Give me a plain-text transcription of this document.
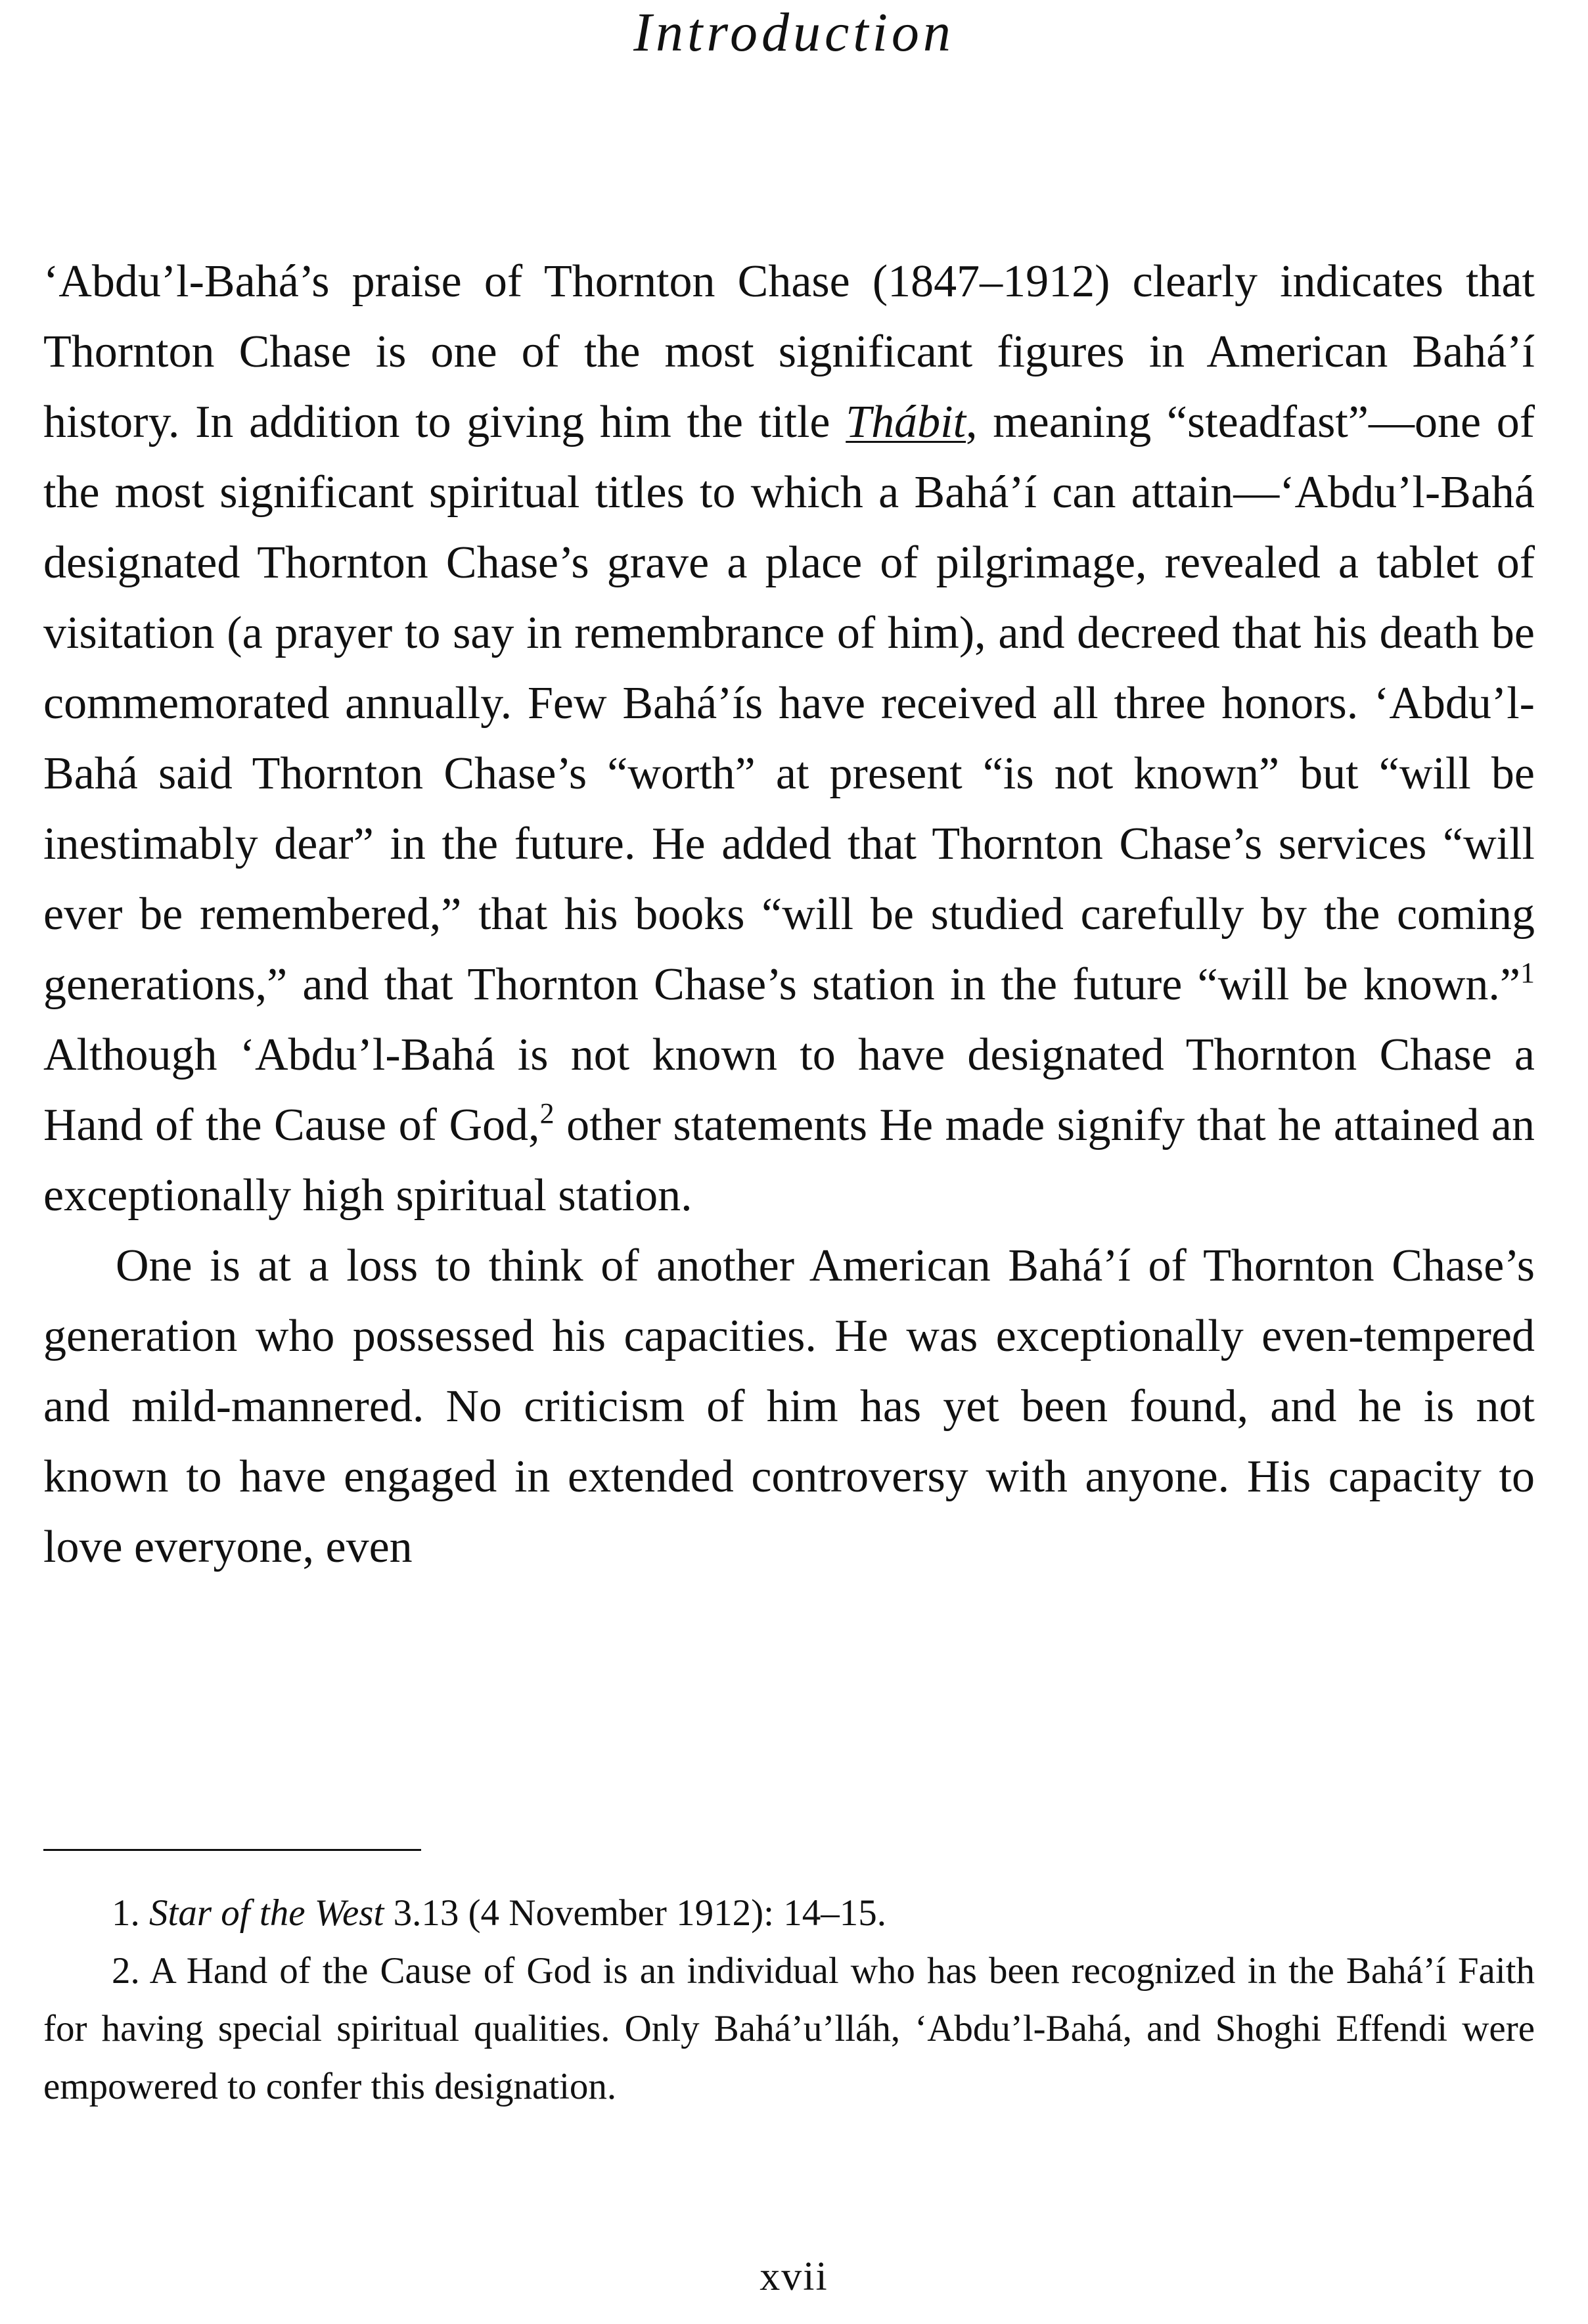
Introduction

‘Abdu’l-Bahá’s praise of Thornton Chase (1847–1912) clearly indicates that Thornton Chase is one of the most significant figures in American Bahá’í history. In addition to giving him the title Thábit, meaning “steadfast”—one of the most significant spiritual titles to which a Bahá’í can attain—‘Abdu’l-Bahá designated Thornton Chase’s grave a place of pilgrimage, revealed a tablet of visitation (a prayer to say in remembrance of him), and decreed that his death be commemorated annually. Few Bahá’ís have received all three honors. ‘Abdu’l-Bahá said Thornton Chase’s “worth” at present “is not known” but “will be inestimably dear” in the future. He added that Thornton Chase’s services “will ever be remembered,” that his books “will be studied carefully by the coming generations,” and that Thornton Chase’s station in the future “will be known.”$^1$ Although ‘Abdu’l-Bahá is not known to have designated Thornton Chase a Hand of the Cause of God,$^2$ other statements He made signify that he attained an exceptionally high spiritual station.

One is at a loss to think of another American Bahá’í of Thornton Chase’s generation who possessed his capacities. He was exceptionally even-tempered and mild-mannered. No criticism of him has yet been found, and he is not known to have engaged in extended controversy with anyone. His capacity to love everyone, even

1. Star of the West 3.13 (4 November 1912): 14–15.

2. A Hand of the Cause of God is an individual who has been recognized in the Bahá’í Faith for having special spiritual qualities. Only Bahá’u’lláh, ‘Abdu’l-Bahá, and Shoghi Effendi were empowered to confer this designation.

xvii
